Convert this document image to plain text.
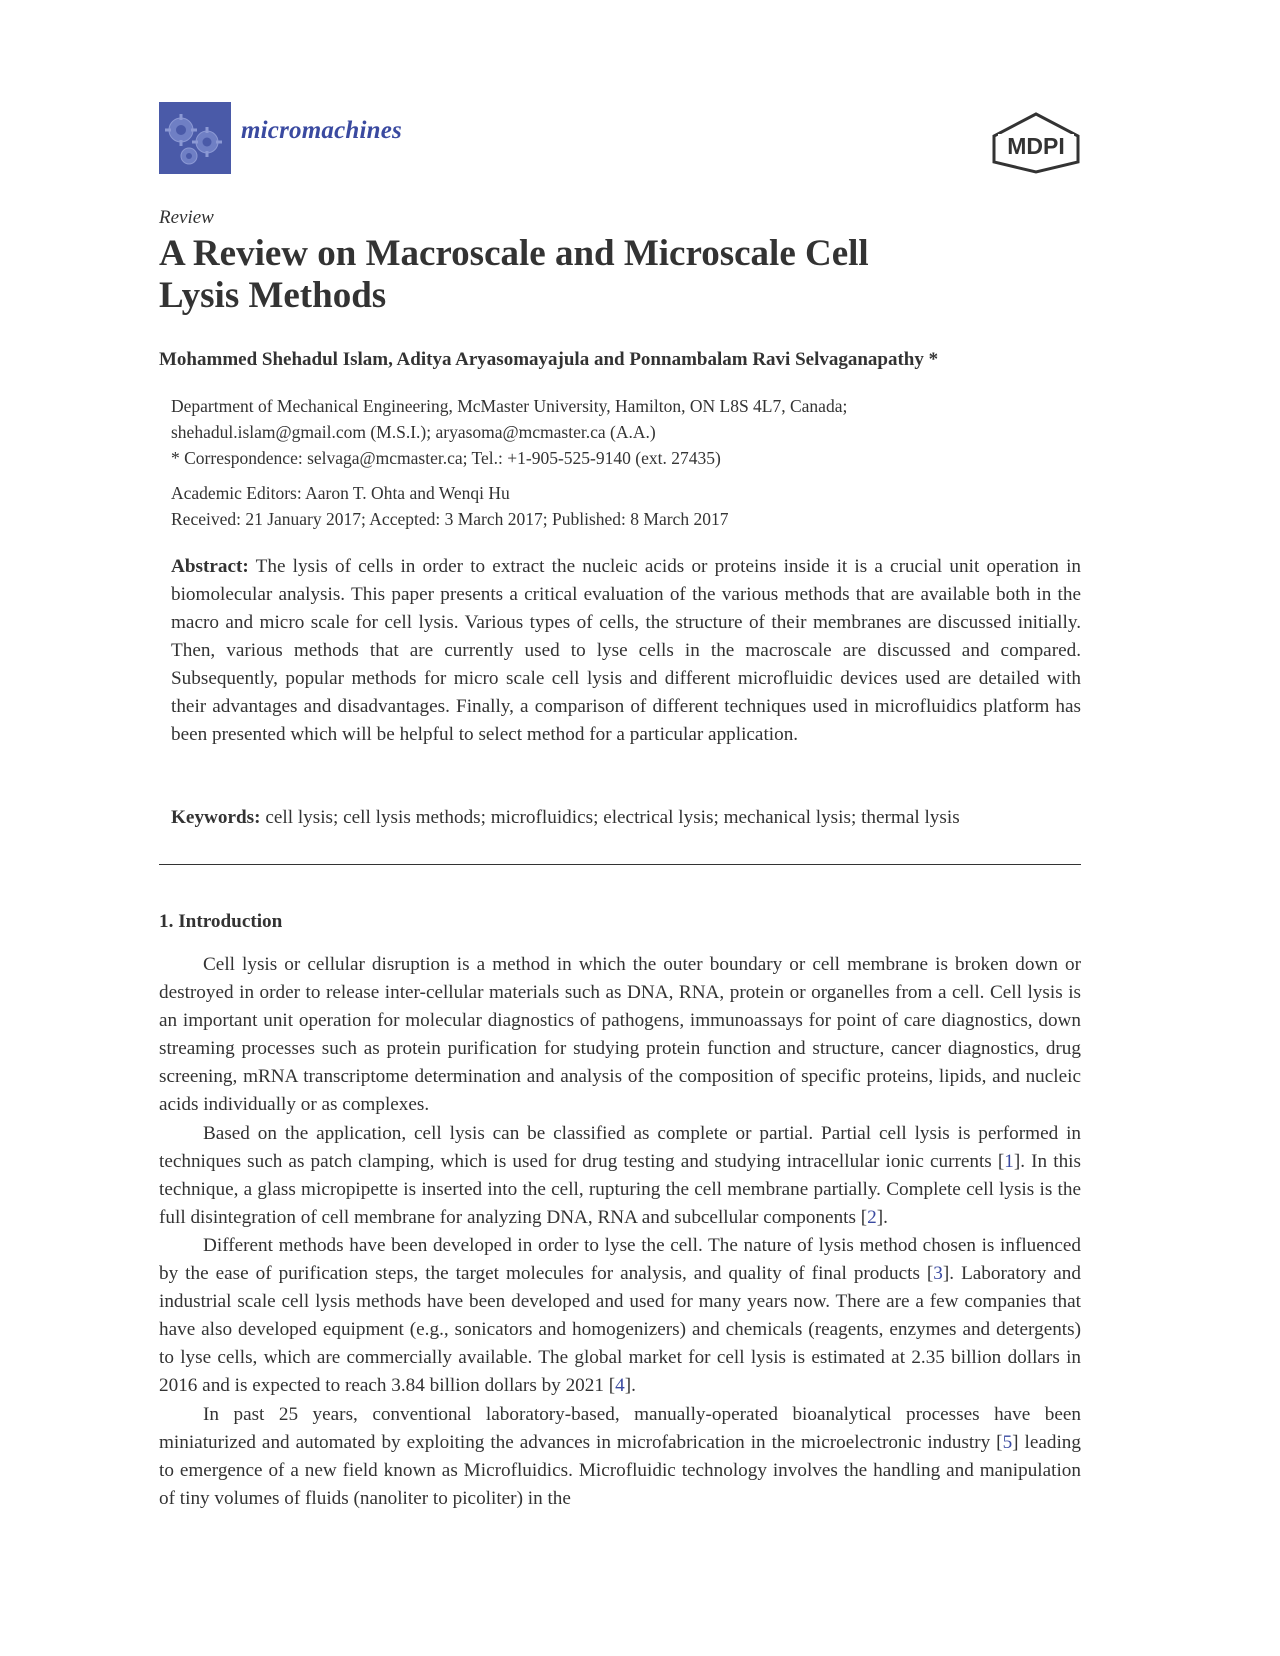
micromachines
MDPI
Review
A Review on Macroscale and Microscale Cell
Lysis Methods
Mohammed Shehadul Islam, Aditya Aryasomayajula and Ponnambalam Ravi Selvaganapathy *
Department of Mechanical Engineering, McMaster University, Hamilton, ON L8S 4L7, Canada;
shehadul.islam@gmail.com (M.S.I.); aryasoma@mcmaster.ca (A.A.)
* Correspondence: selvaga@mcmaster.ca; Tel.: +1-905-525-9140 (ext. 27435)
Academic Editors: Aaron T. Ohta and Wenqi Hu
Received: 21 January 2017; Accepted: 3 March 2017; Published: 8 March 2017

Abstract: The lysis of cells in order to extract the nucleic acids or proteins inside it is a crucial unit operation in biomolecular analysis. This paper presents a critical evaluation of the various methods that are available both in the macro and micro scale for cell lysis. Various types of cells, the structure of their membranes are discussed initially. Then, various methods that are currently used to lyse cells in the macroscale are discussed and compared. Subsequently, popular methods for micro scale cell lysis and different microfluidic devices used are detailed with their advantages and disadvantages. Finally, a comparison of different techniques used in microfluidics platform has been presented which will be helpful to select method for a particular application.

Keywords: cell lysis; cell lysis methods; microfluidics; electrical lysis; mechanical lysis; thermal lysis
1. Introduction

Cell lysis or cellular disruption is a method in which the outer boundary or cell membrane is broken down or destroyed in order to release inter-cellular materials such as DNA, RNA, protein or organelles from a cell. Cell lysis is an important unit operation for molecular diagnostics of pathogens, immunoassays for point of care diagnostics, down streaming processes such as protein purification for studying protein function and structure, cancer diagnostics, drug screening, mRNA transcriptome determination and analysis of the composition of specific proteins, lipids, and nucleic acids individually or as complexes.

Based on the application, cell lysis can be classified as complete or partial. Partial cell lysis is performed in techniques such as patch clamping, which is used for drug testing and studying intracellular ionic currents [1]. In this technique, a glass micropipette is inserted into the cell, rupturing the cell membrane partially. Complete cell lysis is the full disintegration of cell membrane for analyzing DNA, RNA and subcellular components [2].

Different methods have been developed in order to lyse the cell. The nature of lysis method chosen is influenced by the ease of purification steps, the target molecules for analysis, and quality of final products [3]. Laboratory and industrial scale cell lysis methods have been developed and used for many years now. There are a few companies that have also developed equipment (e.g., sonicators and homogenizers) and chemicals (reagents, enzymes and detergents) to lyse cells, which are commercially available. The global market for cell lysis is estimated at 2.35 billion dollars in 2016 and is expected to reach 3.84 billion dollars by 2021 [4].

In past 25 years, conventional laboratory-based, manually-operated bioanalytical processes have been miniaturized and automated by exploiting the advances in microfabrication in the microelectronic industry [5] leading to emergence of a new field known as Microfluidics. Microfluidic technology involves the handling and manipulation of tiny volumes of fluids (nanoliter to picoliter) in the
